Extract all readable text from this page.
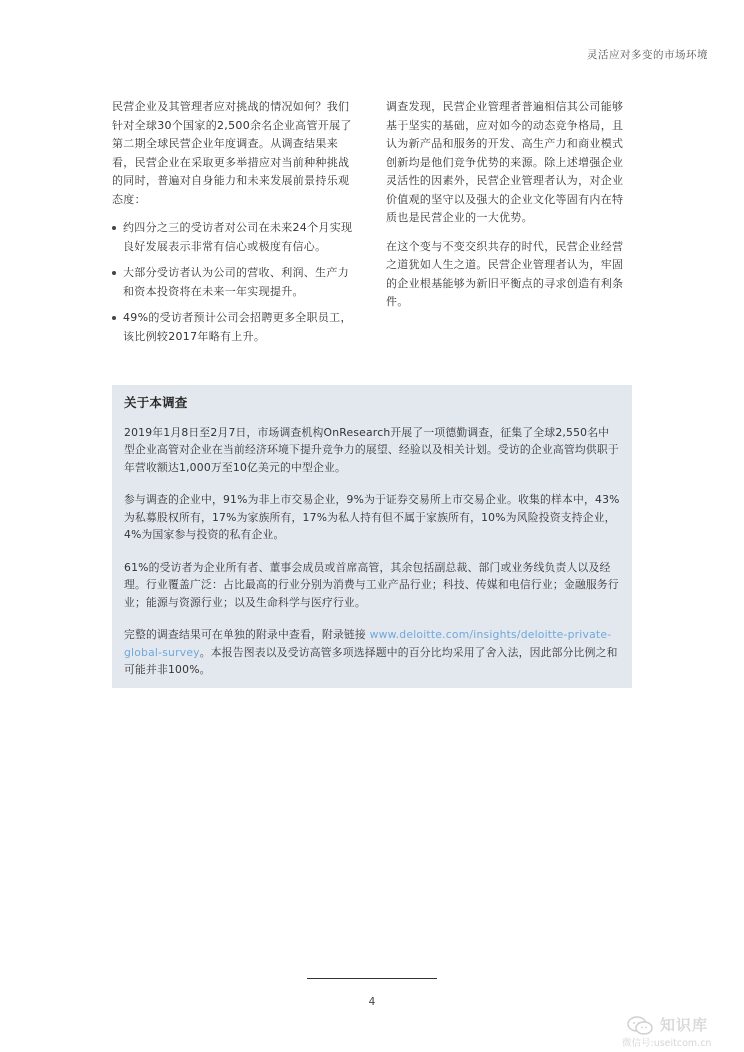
灵活应对多变的市场环境

民营企业及其管理者应对挑战的情况如何？我们针对全球30个国家的2,500余名企业高管开展了第二期全球民营企业年度调查。从调查结果来看，民营企业在采取更多举措应对当前种种挑战的同时，普遍对自身能力和未来发展前景持乐观态度：

约四分之三的受访者对公司在未来24个月实现良好发展表示非常有信心或极度有信心。
大部分受访者认为公司的营收、利润、生产力和资本投资将在未来一年实现提升。
49%的受访者预计公司会招聘更多全职员工，该比例较2017年略有上升。

调查发现，民营企业管理者普遍相信其公司能够基于坚实的基础，应对如今的动态竞争格局，且认为新产品和服务的开发、高生产力和商业模式创新均是他们竞争优势的来源。除上述增强企业灵活性的因素外，民营企业管理者认为，对企业价值观的坚守以及强大的企业文化等固有内在特质也是民营企业的一大优势。

在这个变与不变交织共存的时代，民营企业经营之道犹如人生之道。民营企业管理者认为，牢固的企业根基能够为新旧平衡点的寻求创造有利条件。

关于本调查

2019年1月8日至2月7日，市场调查机构OnResearch开展了一项德勤调查，征集了全球2,550名中型企业高管对企业在当前经济环境下提升竞争力的展望、经验以及相关计划。受访的企业高管均供职于年营收额达1,000万至10亿美元的中型企业。

参与调查的企业中，91%为非上市交易企业，9%为于证券交易所上市交易企业。收集的样本中，43%为私募股权所有，17%为家族所有，17%为私人持有但不属于家族所有，10%为风险投资支持企业，4%为国家参与投资的私有企业。

61%的受访者为企业所有者、董事会成员或首席高管，其余包括副总裁、部门或业务线负责人以及经理。行业覆盖广泛：占比最高的行业分别为消费与工业产品行业；科技、传媒和电信行业；金融服务行业；能源与资源行业；以及生命科学与医疗行业。

完整的调查结果可在单独的附录中查看，附录链接 www.deloitte.com/insights/deloitte-private-global-survey。本报告图表以及受访高管多项选择题中的百分比均采用了舍入法，因此部分比例之和可能并非100%。

4
知识库
微信号:useitcom.cn
